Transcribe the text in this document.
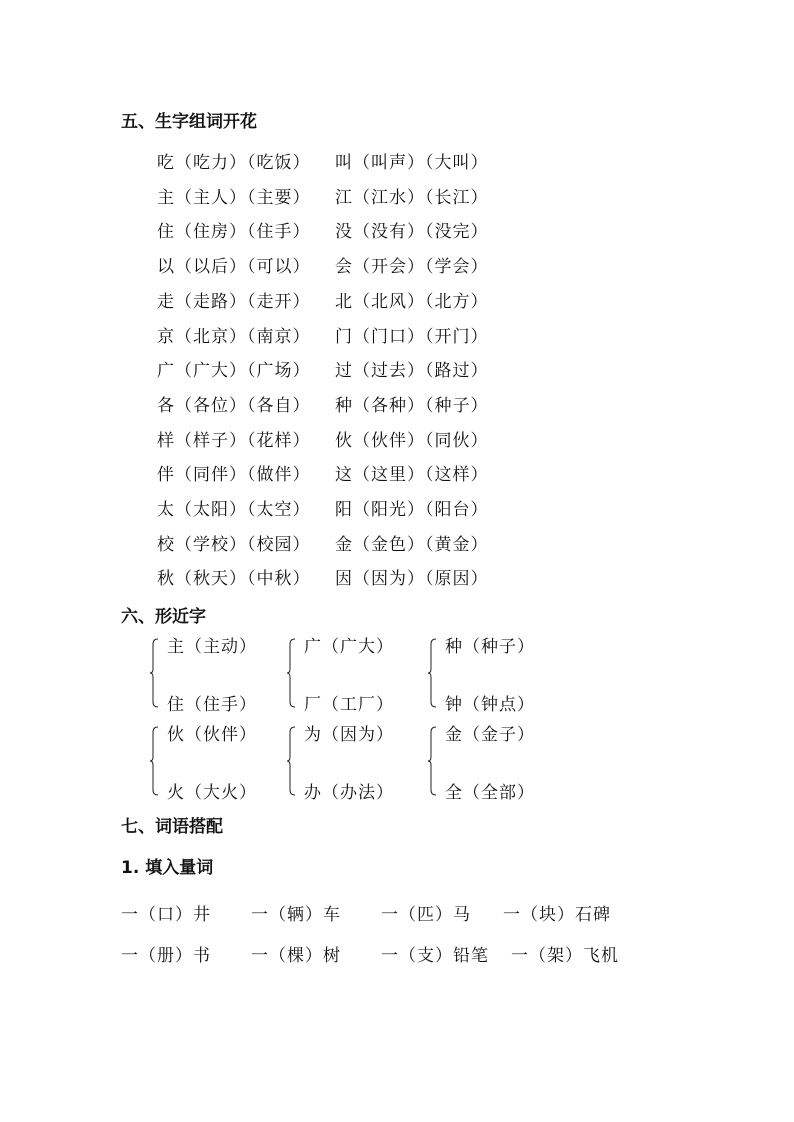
五、生字组词开花
吃（吃力）（吃饭）
主（主人）（主要）
住（住房）（住手）
以（以后）（可以）
走（走路）（走开）
京（北京）（南京）
广（广大）（广场）
各（各位）（各自）
样（样子）（花样）
伴（同伴）（做伴）
太（太阳）（太空）
校（学校）（校园）
秋（秋天）（中秋）
叫（叫声）（大叫）
江（江水）（长江）
没（没有）（没完）
会（开会）（学会）
北（北风）（北方）
门（门口）（开门）
过（过去）（路过）
种（各种）（种子）
伙（伙伴）（同伙）
这（这里）（这样）
阳（阳光）（阳台）
金（金色）（黄金）
因（因为）（原因）
六、形近字
主（主动）
住（住手）
广（广大）
厂（工厂）
种（种子）
钟（钟点）
伙（伙伴）
火（大火）
为（因为）
办（办法）
金（金子）
全（全部）
七、词语搭配
1. 填入量词
一（口）井 一（辆）车 一（匹）马 一（块）石碑
一（册）书 一（棵）树 一（支）铅笔 一（架）飞机
